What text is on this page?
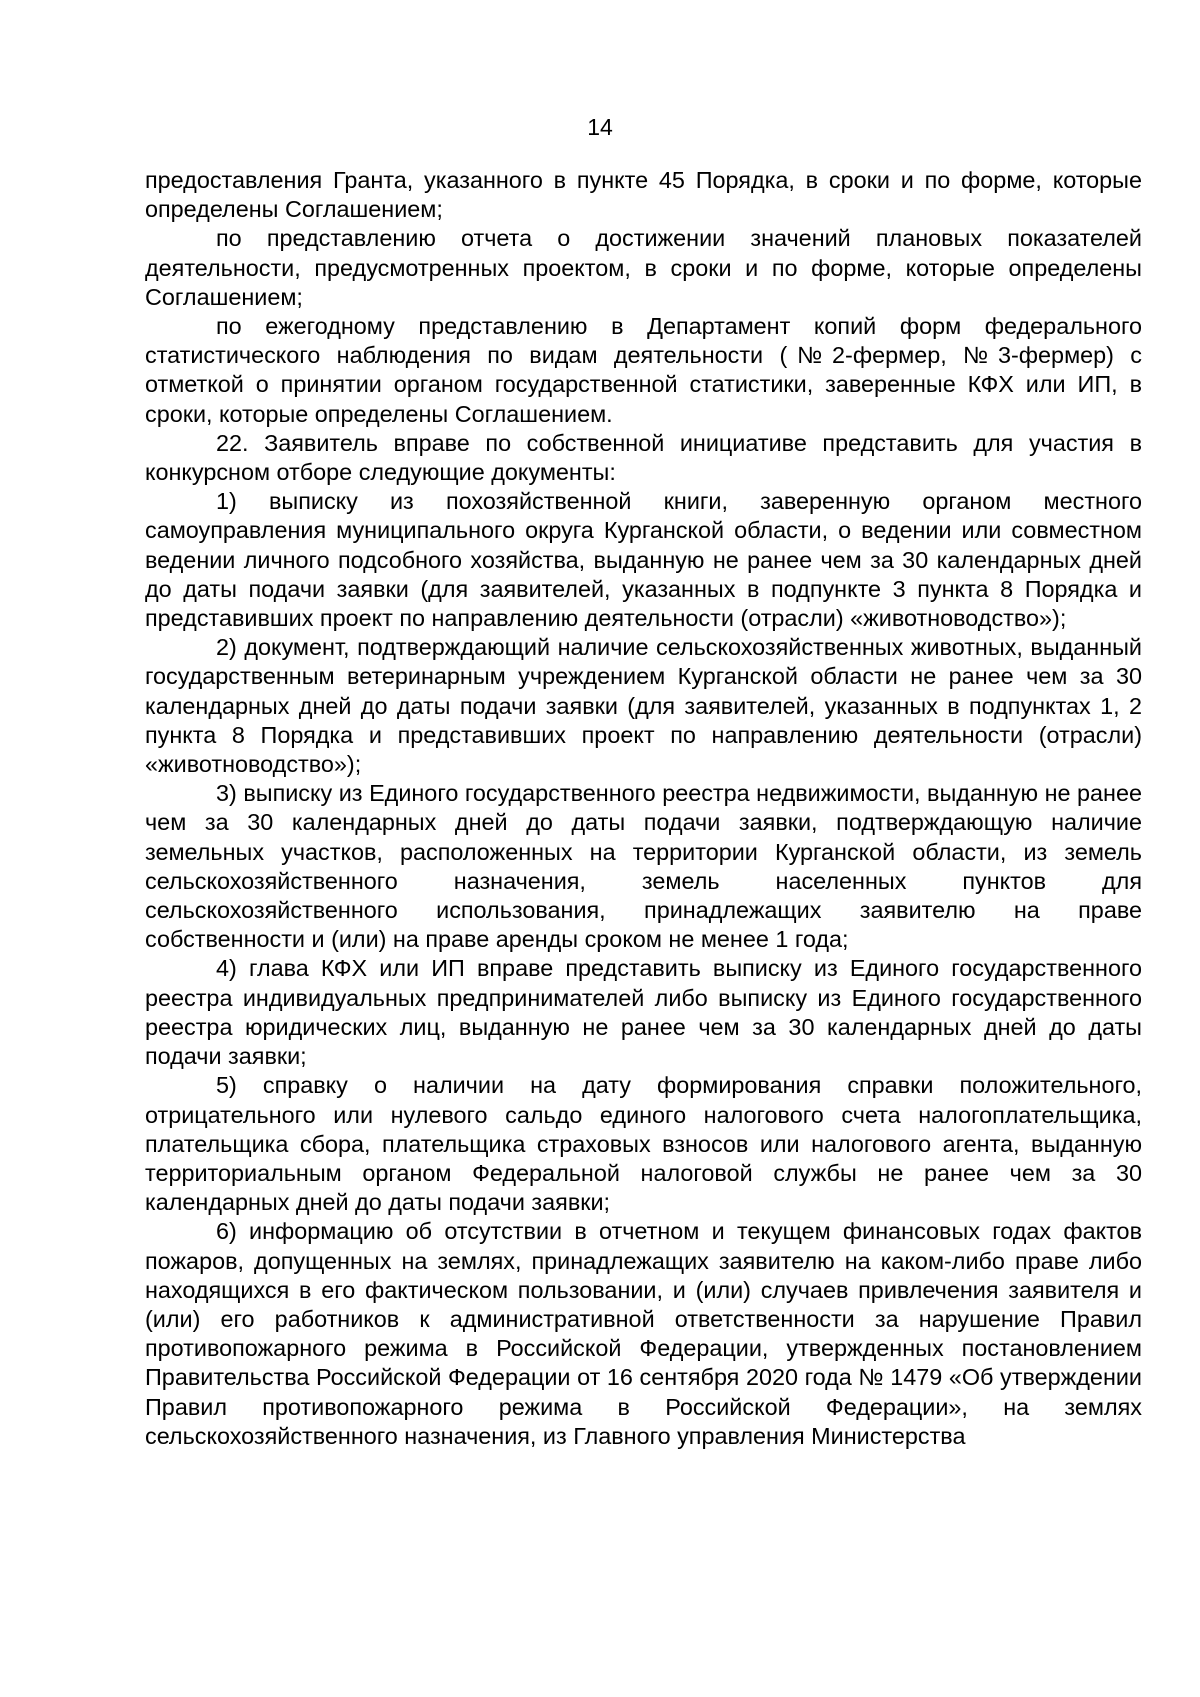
14

предоставления Гранта, указанного в пункте 45 Порядка, в сроки и по форме, которые определены Соглашением;

по представлению отчета о достижении значений плановых показателей деятельности, предусмотренных проектом, в сроки и по форме, которые определены Соглашением;

по ежегодному представлению в Департамент копий форм федерального статистического наблюдения по видам деятельности (№2-фермер, №3-фермер) с отметкой о принятии органом государственной статистики, заверенные КФХ или ИП, в сроки, которые определены Соглашением.

22. Заявитель вправе по собственной инициативе представить для участия в конкурсном отборе следующие документы:

1) выписку из похозяйственной книги, заверенную органом местного самоуправления муниципального округа Курганской области, о ведении или совместном ведении личного подсобного хозяйства, выданную не ранее чем за 30 календарных дней до даты подачи заявки (для заявителей, указанных в подпункте 3 пункта 8 Порядка и представивших проект по направлению деятельности (отрасли) «животноводство»);

2) документ, подтверждающий наличие сельскохозяйственных животных, выданный государственным ветеринарным учреждением Курганской области не ранее чем за 30 календарных дней до даты подачи заявки (для заявителей, указанных в подпунктах 1, 2 пункта 8 Порядка и представивших проект по направлению деятельности (отрасли) «животноводство»);

3) выписку из Единого государственного реестра недвижимости, выданную не ранее чем за 30 календарных дней до даты подачи заявки, подтверждающую наличие земельных участков, расположенных на территории Курганской области, из земель сельскохозяйственного назначения, земель населенных пунктов для сельскохозяйственного использования, принадлежащих заявителю на праве собственности и (или) на праве аренды сроком не менее 1 года;

4) глава КФХ или ИП вправе представить выписку из Единого государственного реестра индивидуальных предпринимателей либо выписку из Единого государственного реестра юридических лиц, выданную не ранее чем за 30 календарных дней до даты подачи заявки;

5) справку о наличии на дату формирования справки положительного, отрицательного или нулевого сальдо единого налогового счета налогоплательщика, плательщика сбора, плательщика страховых взносов или налогового агента, выданную территориальным органом Федеральной налоговой службы не ранее чем за 30 календарных дней до даты подачи заявки;

6) информацию об отсутствии в отчетном и текущем финансовых годах фактов пожаров, допущенных на землях, принадлежащих заявителю на каком-либо праве либо находящихся в его фактическом пользовании, и (или) случаев привлечения заявителя и (или) его работников к административной ответственности за нарушение Правил противопожарного режима в Российской Федерации, утвержденных постановлением Правительства Российской Федерации от 16 сентября 2020 года № 1479 «Об утверждении Правил противопожарного режима в Российской Федерации», на землях сельскохозяйственного назначения, из Главного управления Министерства
